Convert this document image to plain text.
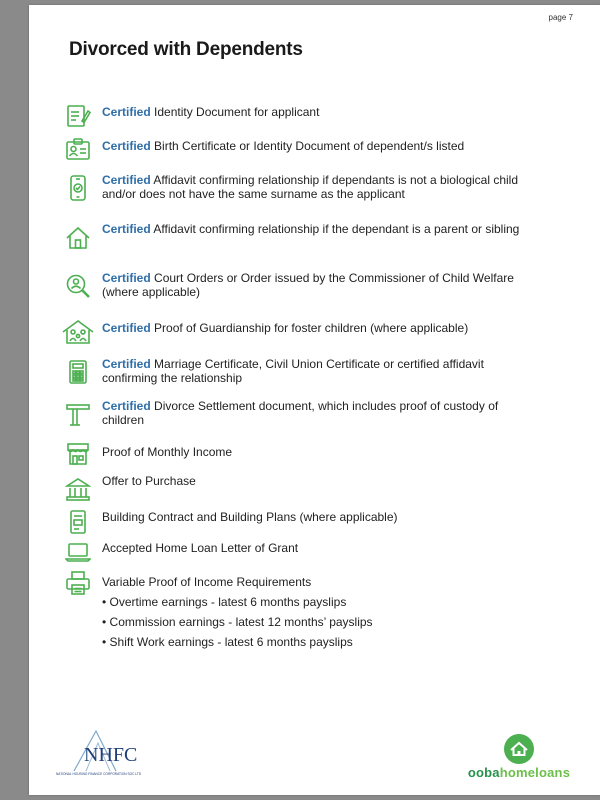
page 7
Divorced with Dependents
Certified Identity Document for applicant
Certified Birth Certificate or Identity Document of dependent/s listed
Certified Affidavit confirming relationship if dependants is not a biological child and/or does not have the same surname as the applicant
Certified Affidavit confirming relationship if the dependant is a parent or sibling
Certified Court Orders or Order issued by the Commissioner of Child Welfare (where applicable)
Certified Proof of Guardianship for foster children (where applicable)
Certified Marriage Certificate, Civil Union Certificate or certified affidavit confirming the relationship
Certified Divorce Settlement document, which includes proof of custody of children
Proof of Monthly Income
Offer to Purchase
Building Contract and Building Plans (where applicable)
Accepted Home Loan Letter of Grant
Variable Proof of Income Requirements
• Overtime earnings - latest 6 months payslips
• Commission earnings - latest 12 months’ payslips
• Shift Work earnings - latest 6 months payslips
NHFC
NATIONAL HOUSING FINANCE CORPORATION SOC LTD	oobahomeloans
